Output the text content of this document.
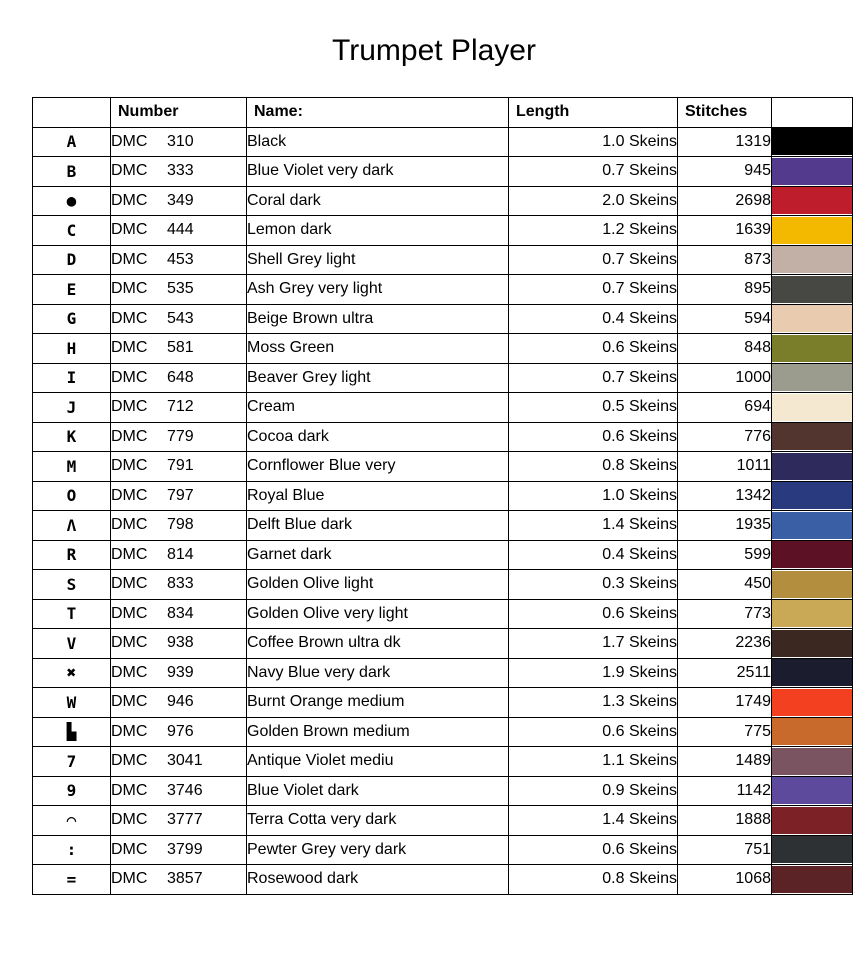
Trumpet Player
	Number	Name:	Length	Stitches	
A	DMC 310	Black	1.0 Skeins	1319	

B	DMC 333	Blue Violet very dark	0.7 Skeins	945	

●	DMC 349	Coral dark	2.0 Skeins	2698	

C	DMC 444	Lemon dark	1.2 Skeins	1639	

D	DMC 453	Shell Grey light	0.7 Skeins	873	

E	DMC 535	Ash Grey very light	0.7 Skeins	895	

G	DMC 543	Beige Brown ultra	0.4 Skeins	594	

H	DMC 581	Moss Green	0.6 Skeins	848	

I	DMC 648	Beaver Grey light	0.7 Skeins	1000	

J	DMC 712	Cream	0.5 Skeins	694	

K	DMC 779	Cocoa dark	0.6 Skeins	776	

M	DMC 791	Cornflower Blue very	0.8 Skeins	1011	

O	DMC 797	Royal Blue	1.0 Skeins	1342	

Λ	DMC 798	Delft Blue dark	1.4 Skeins	1935	

R	DMC 814	Garnet dark	0.4 Skeins	599	

S	DMC 833	Golden Olive light	0.3 Skeins	450	

T	DMC 834	Golden Olive very light	0.6 Skeins	773	

V	DMC 938	Coffee Brown ultra dk	1.7 Skeins	2236	

✖	DMC 939	Navy Blue very dark	1.9 Skeins	2511	

W	DMC 946	Burnt Orange medium	1.3 Skeins	1749	

▙	DMC 976	Golden Brown medium	0.6 Skeins	775	

7	DMC 3041	Antique Violet mediu	1.1 Skeins	1489	

9	DMC 3746	Blue Violet dark	0.9 Skeins	1142	

◠	DMC 3777	Terra Cotta very dark	1.4 Skeins	1888	

:	DMC 3799	Pewter Grey very dark	0.6 Skeins	751	

=	DMC 3857	Rosewood dark	0.8 Skeins	1068	
